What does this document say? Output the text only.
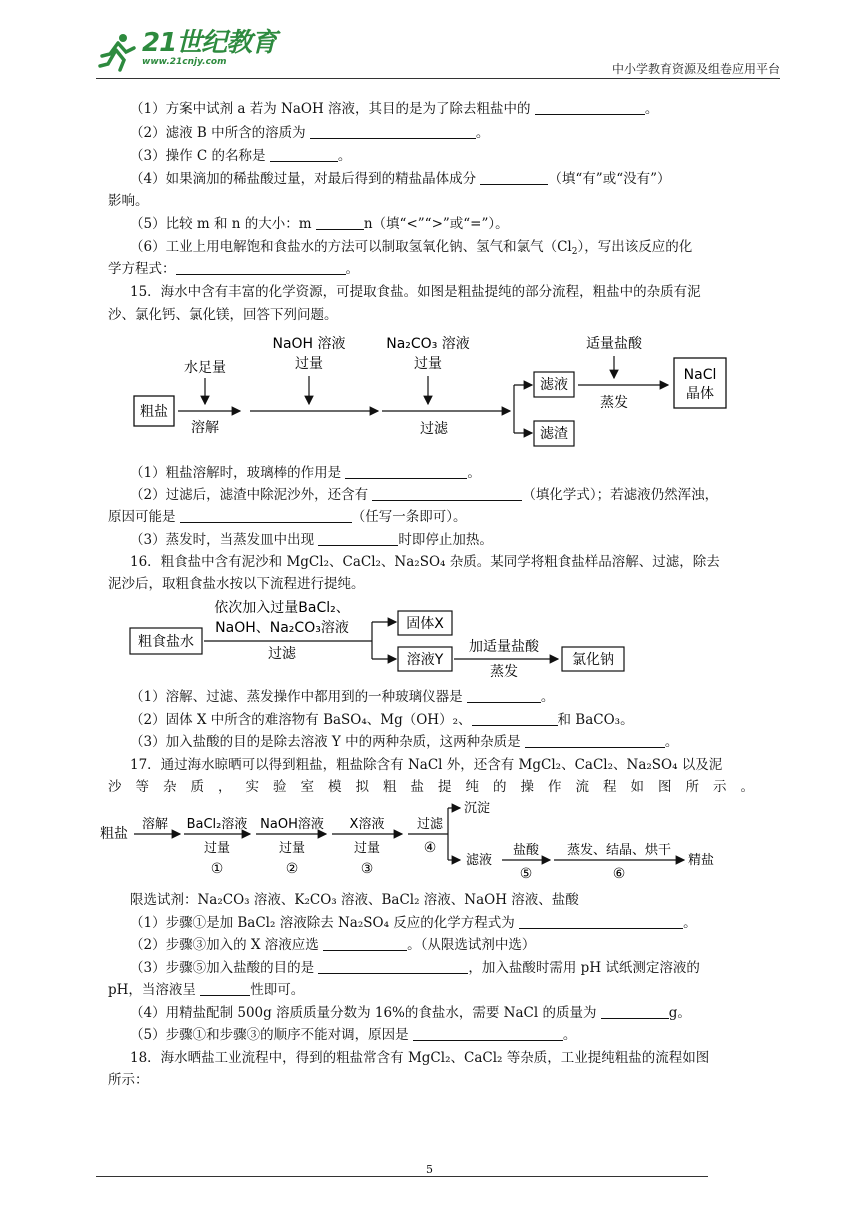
21世纪教育
www.21cnjy.com	中小学教育资源及组卷应用平台
（1）方案中试剂 a 若为 NaOH 溶液，其目的是为了除去粗盐中的	。
（2）滤液 B 中所含的溶质为	。
（3）操作 C 的名称是	。
（4）如果滴加的稀盐酸过量，对最后得到的精盐晶体成分	（填“有”或“没有”）
影响。
（5）比较 m 和 n 的大小：m	n（填“<”“>”或“=”）。
（6）工业上用电解饱和食盐水的方法可以制取氢氧化钠、氢气和氯气$(Cl_2)$，写出该反应的化
学方程式：	。
15．海水中含有丰富的化学资源，可提取食盐。如图是粗盐提纯的部分流程，粗盐中的杂质有泥
沙、氯化钙、氯化镁，回答下列问题。
粗盐
水足量
溶解
NaOH 溶液
过量
Na₂CO₃ 溶液
过量
过滤
滤液
滤渣
适量盐酸
蒸发
NaCl
晶体
（1）粗盐溶解时，玻璃棒的作用是	。
（2）过滤后，滤渣中除泥沙外，还含有	（填化学式）；若滤液仍然浑浊，
原因可能是	（任写一条即可）。
（3）蒸发时，当蒸发皿中出现	时即停止加热。
16．粗食盐中含有泥沙和 MgCl₂、CaCl₂、Na₂SO₄ 杂质。某同学将粗食盐样品溶解、过滤，除去
泥沙后，取粗食盐水按以下流程进行提纯。
粗食盐水
依次加入过量BaCl₂、
NaOH、Na₂CO₃溶液
过滤
固体X
溶液Y
加适量盐酸
蒸发
氯化钠
（1）溶解、过滤、蒸发操作中都用到的一种玻璃仪器是	。
（2）固体 X 中所含的难溶物有 BaSO₄、Mg（OH）₂、	和 BaCO₃。
（3）加入盐酸的目的是除去溶液 Y 中的两种杂质，这两种杂质是	。
17．通过海水晾晒可以得到粗盐，粗盐除含有 NaCl 外，还含有 MgCl₂、CaCl₂、Na₂SO₄ 以及泥
沙等杂质，实验室模拟粗盐提纯的操作流程如图所示。
粗盐
溶解 BaCl₂溶液
过量
①
NaOH溶液
过量
②
X溶液
过量
③
过滤
④
沉淀
滤液
盐酸
⑤
蒸发、结晶、烘干
⑥
精盐
限选试剂：Na₂CO₃ 溶液、K₂CO₃ 溶液、BaCl₂ 溶液、NaOH 溶液、盐酸
（1）步骤①是加 BaCl₂ 溶液除去 Na₂SO₄ 反应的化学方程式为	。
（2）步骤③加入的 X 溶液应选	。（从限选试剂中选）
（3）步骤⑤加入盐酸的目的是	，加入盐酸时需用 pH 试纸测定溶液的
pH，当溶液呈	性即可。
（4）用精盐配制 500g 溶质质量分数为 16%的食盐水，需要 NaCl 的质量为	g。
（5）步骤①和步骤③的顺序不能对调，原因是	。
18．海水晒盐工业流程中，得到的粗盐常含有 MgCl₂、CaCl₂ 等杂质，工业提纯粗盐的流程如图
所示：
5
